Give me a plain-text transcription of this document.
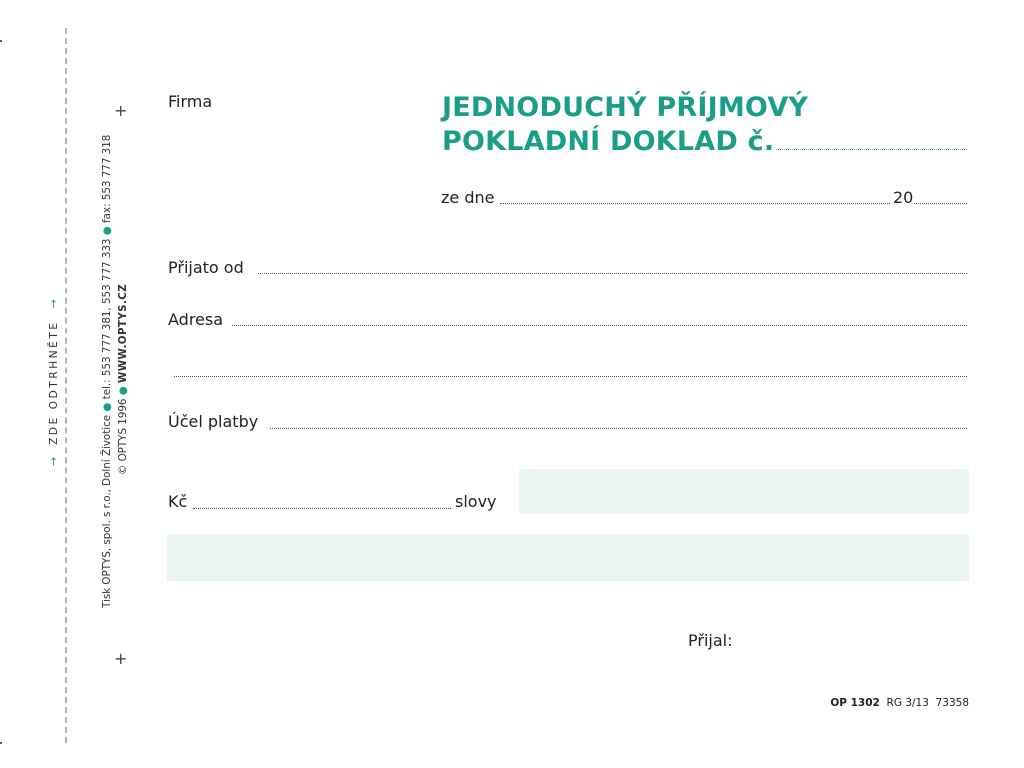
→  ZDE ODTRHNĚTE  →
Tisk OPTYS, spol. s r.o., Dolní Životice ● tel.: 553 777 381, 553 777 333 ● fax: 553 777 318
© OPTYS 1996 ● WWW.OPTYS.CZ
+
+
Firma	JEDNODUCHÝ PŘÍJMOVÝ
POKLADNÍ DOKLAD č.
ze dne	20
Přijato od
Adresa
Účel platby
Kč	slovy
Přijal:
OP 1302 RG 3/13 73358
